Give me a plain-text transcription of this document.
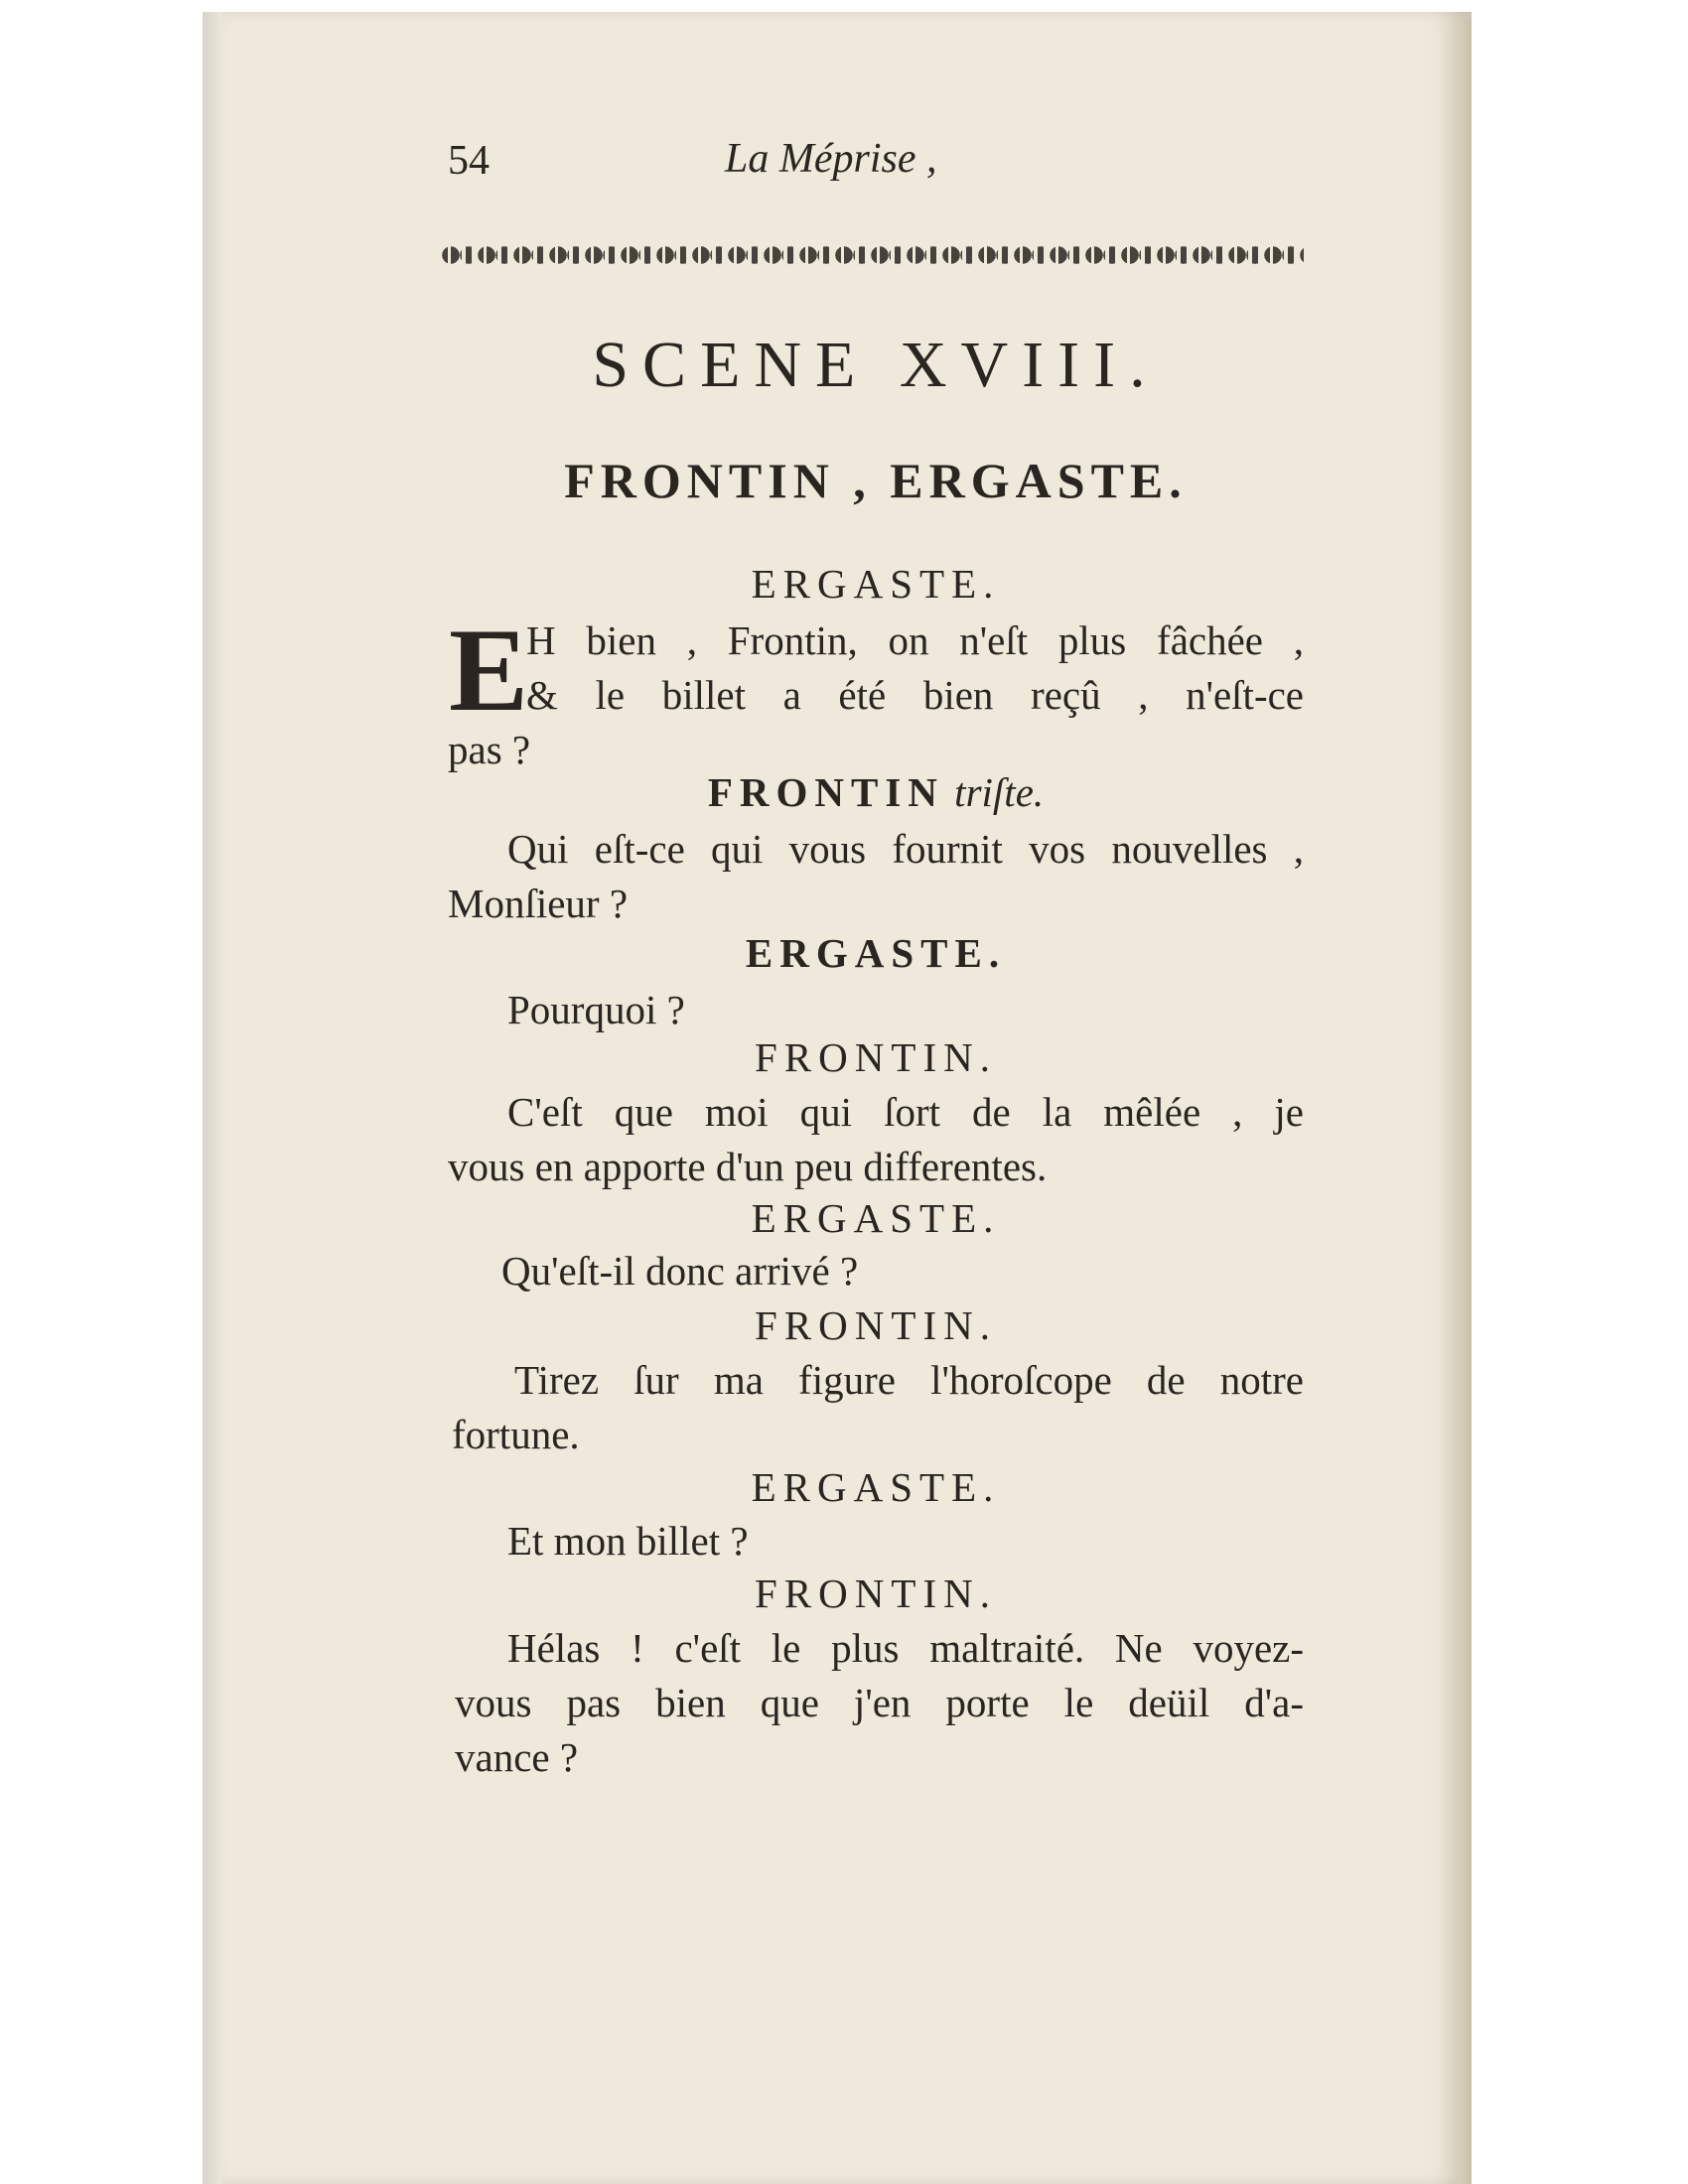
54	La Méprise ,
SCENE XVIII.
FRONTIN , ERGASTE.
ERGASTE.
E
H bien , Frontin, on n'eſt plus fâchée ,
& le billet a été bien reçû , n'eſt-ce
pas ?
FRONTIN triſte.
Qui eſt-ce qui vous fournit vos nouvelles ,
Monſieur ?
ERGASTE.
Pourquoi ?
FRONTIN.
C'eſt que moi qui ſort de la mêlée , je
vous en apporte d'un peu differentes.
ERGASTE.
Qu'eſt-il donc arrivé ?
FRONTIN.
Tirez ſur ma figure l'horoſcope de notre
fortune.
ERGASTE.
Et mon billet ?
FRONTIN.
Hélas ! c'eſt le plus maltraité. Ne voyez-
vous pas bien que j'en porte le deüil d'a-
vance ?
